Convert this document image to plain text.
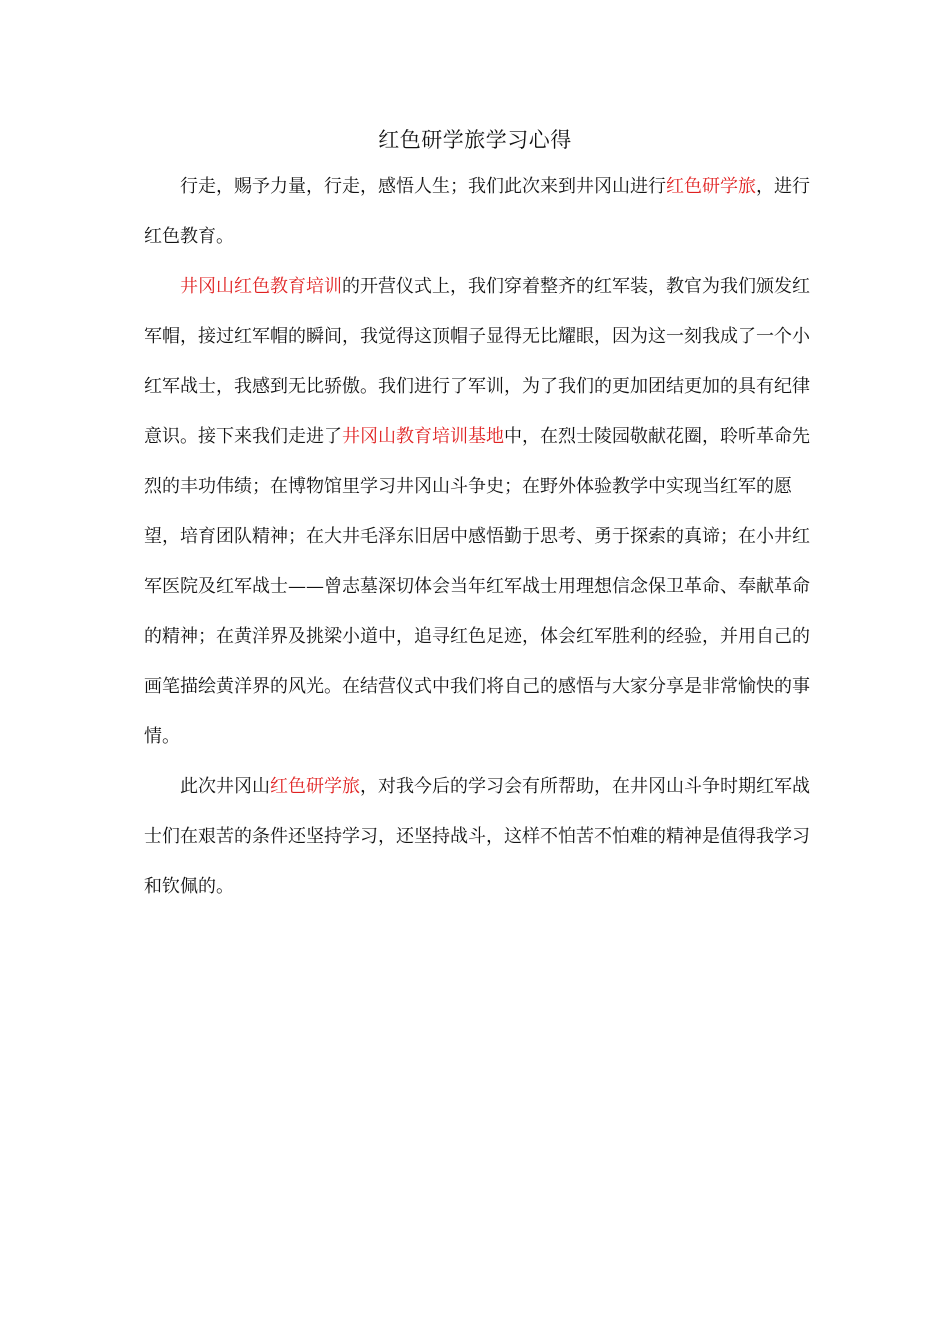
红色研学旅学习心得

行走，赐予力量，行走，感悟人生；我们此次来到井冈山进行红色研学旅，进行红色教育。

井冈山红色教育培训的开营仪式上，我们穿着整齐的红军装，教官为我们颁发红军帽，接过红军帽的瞬间，我觉得这顶帽子显得无比耀眼，因为这一刻我成了一个小红军战士，我感到无比骄傲。我们进行了军训，为了我们的更加团结更加的具有纪律意识。接下来我们走进了井冈山教育培训基地中，在烈士陵园敬献花圈，聆听革命先烈的丰功伟绩；在博物馆里学习井冈山斗争史；在野外体验教学中实现当红军的愿望，培育团队精神；在大井毛泽东旧居中感悟勤于思考、勇于探索的真谛；在小井红军医院及红军战士——曾志墓深切体会当年红军战士用理想信念保卫革命、奉献革命的精神；在黄洋界及挑梁小道中，追寻红色足迹，体会红军胜利的经验，并用自己的画笔描绘黄洋界的风光。在结营仪式中我们将自己的感悟与大家分享是非常愉快的事情。

此次井冈山红色研学旅，对我今后的学习会有所帮助，在井冈山斗争时期红军战士们在艰苦的条件还坚持学习，还坚持战斗，这样不怕苦不怕难的精神是值得我学习和钦佩的。
